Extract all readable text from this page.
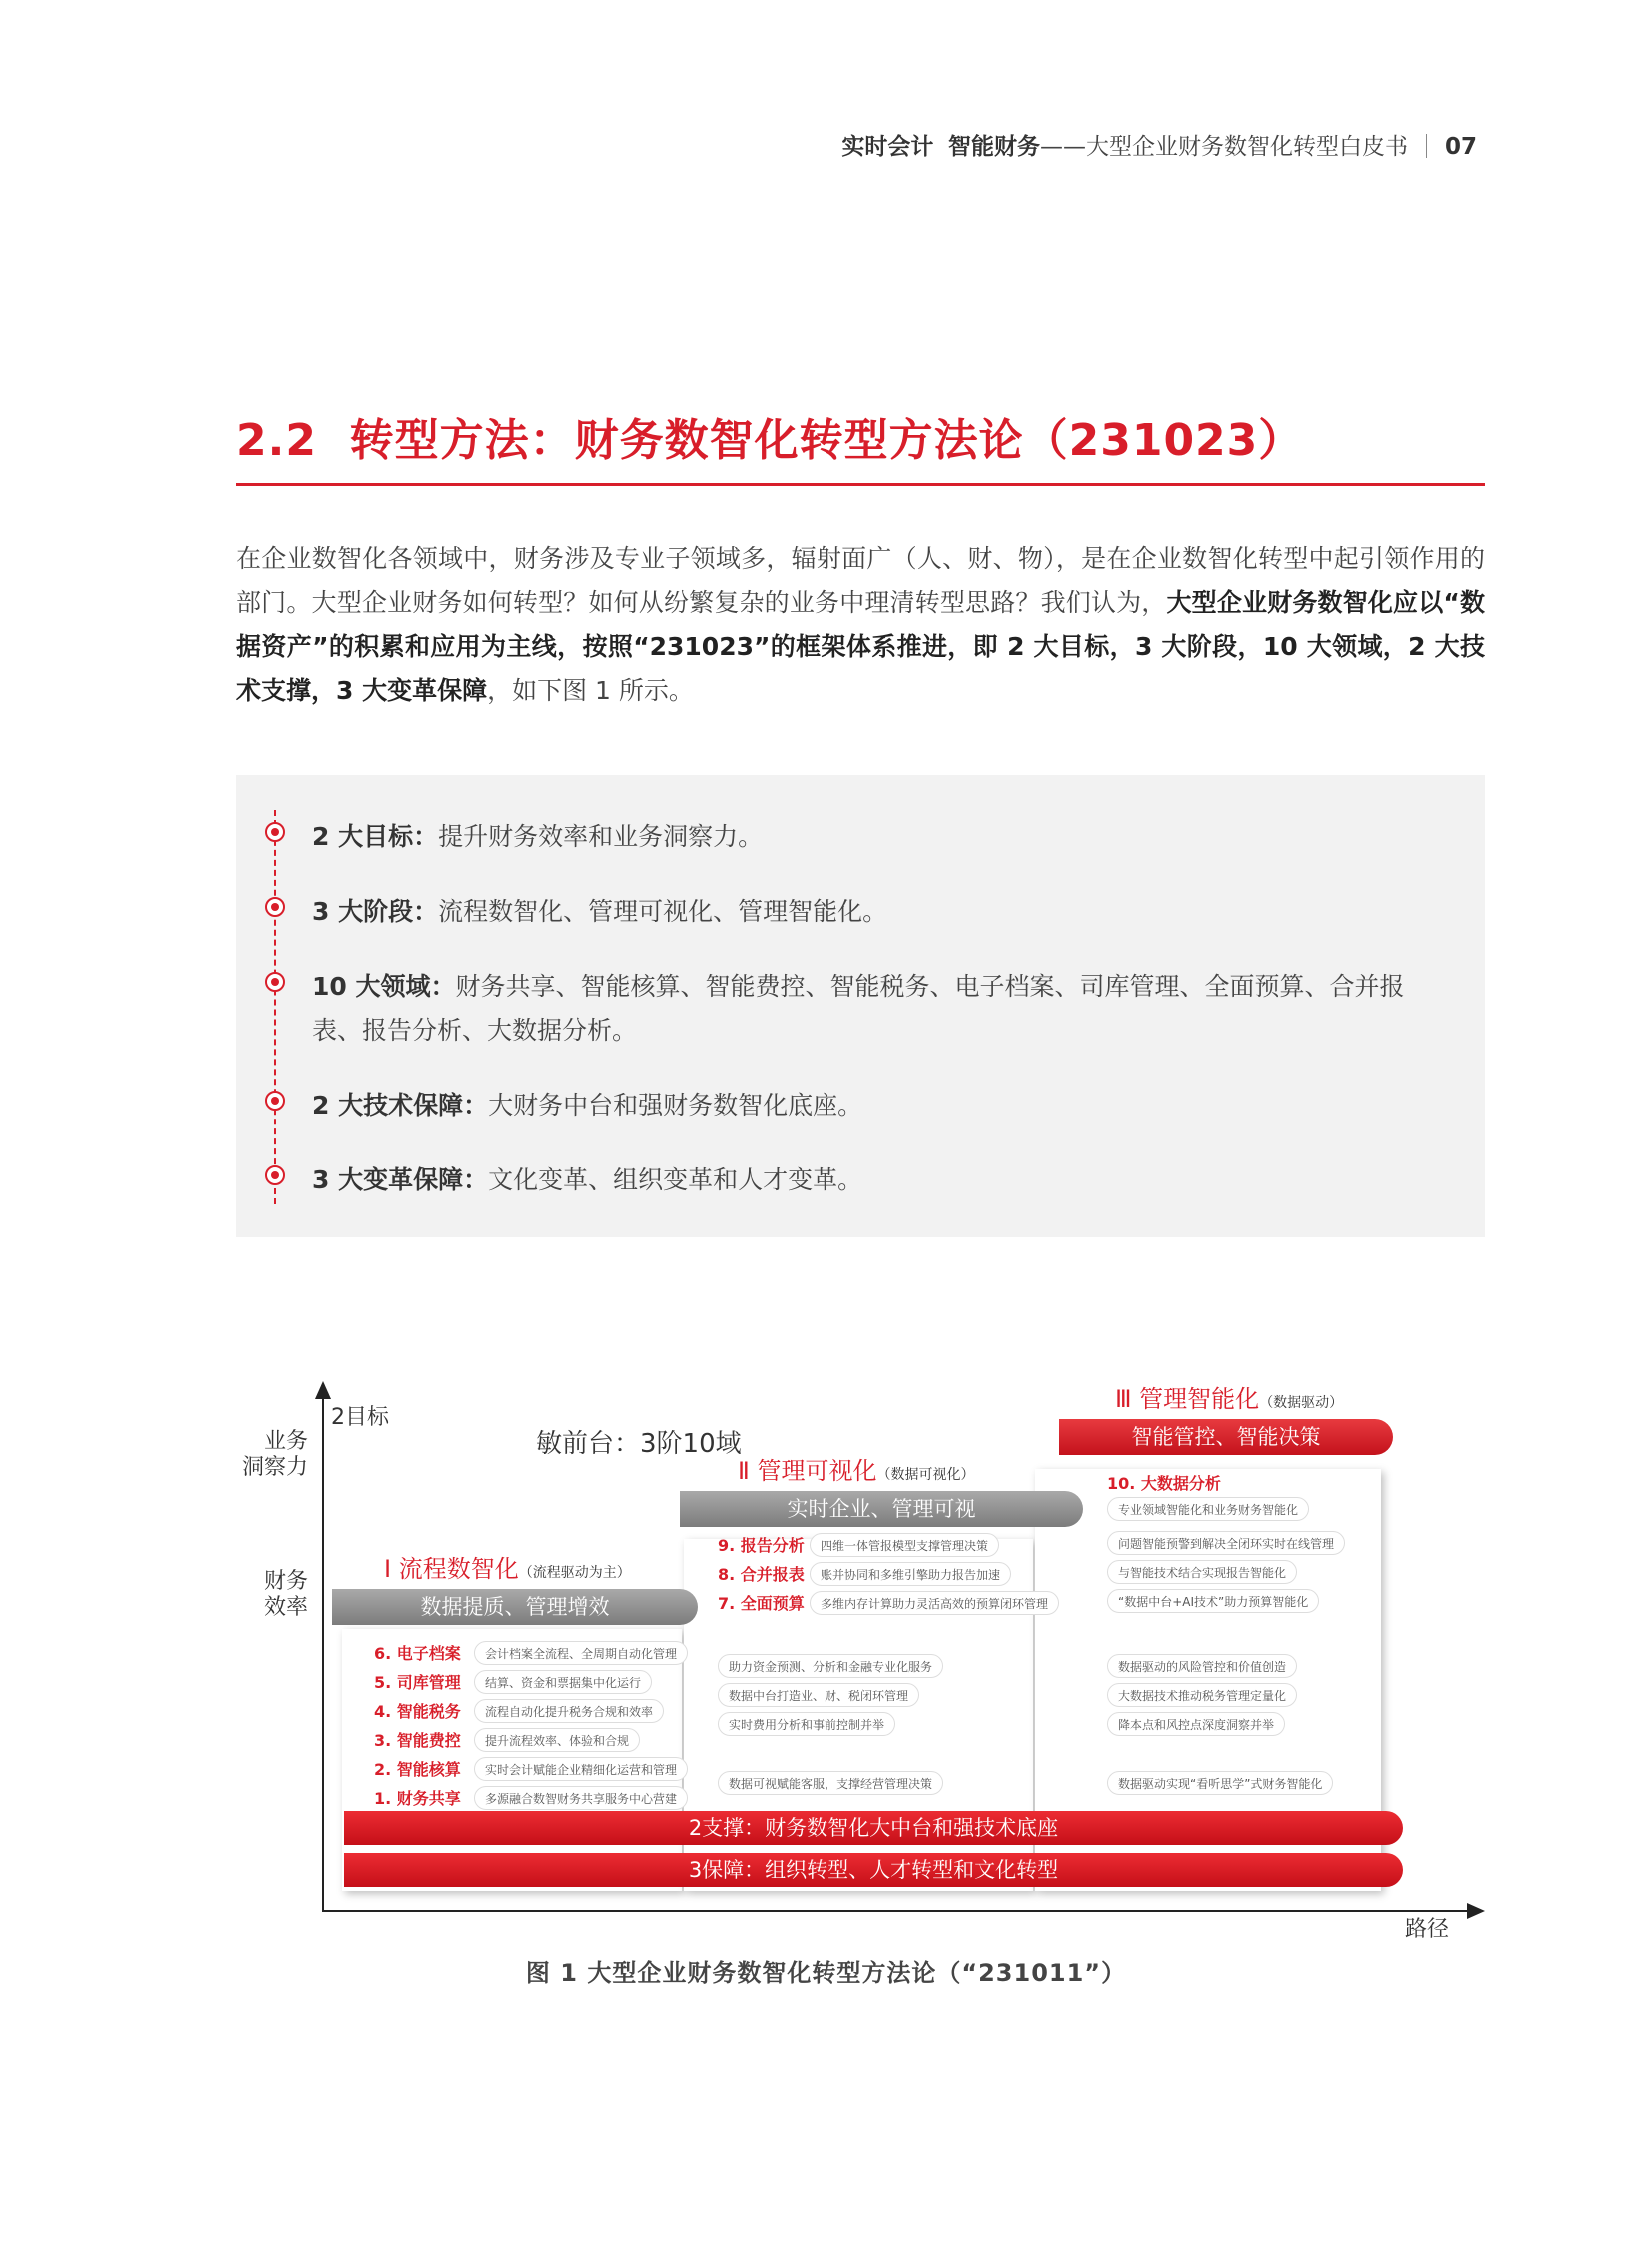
实时会计 智能财务——大型企业财务数智化转型白皮书 07
2.2 转型方法：财务数智化转型方法论（231023）
在企业数智化各领域中，财务涉及专业子领域多，辐射面广（人、财、物），是在企业数智化转型中起引领作用的部门。大型企业财务如何转型？如何从纷繁复杂的业务中理清转型思路？我们认为，大型企业财务数智化应以“数据资产”的积累和应用为主线，按照“231023”的框架体系推进，即 2 大目标，3 大阶段，10 大领域，2 大技术支撑，3 大变革保障，如下图 1 所示。
2 大目标：提升财务效率和业务洞察力。
3 大阶段：流程数智化、管理可视化、管理智能化。
10 大领域：财务共享、智能核算、智能费控、智能税务、电子档案、司库管理、全面预算、合并报表、报告分析、大数据分析。
2 大技术保障：大财务中台和强财务数智化底座。
3 大变革保障：文化变革、组织变革和人才变革。
2目标
业务
洞察力
财务
效率
路径
敏前台：3阶10域
Ⅰ 流程数智化（流程驱动为主）
数据提质、管理增效
6. 电子档案	会计档案全流程、全周期自动化管理
5. 司库管理	结算、资金和票据集中化运行
4. 智能税务	流程自动化提升税务合规和效率
3. 智能费控	提升流程效率、体验和合规
2. 智能核算	实时会计赋能企业精细化运营和管理
1. 财务共享	多源融合数智财务共享服务中心营建
Ⅱ 管理可视化（数据可视化）
实时企业、管理可视
9. 报告分析	四维一体管报模型支撑管理决策
8. 合并报表	账并协同和多维引擎助力报告加速
7. 全面预算	多维内存计算助力灵活高效的预算闭环管理
助力资金预测、分析和金融专业化服务
数据中台打造业、财、税闭环管理
实时费用分析和事前控制并举
数据可视赋能客服，支撑经营管理决策
Ⅲ 管理智能化（数据驱动）
智能管控、智能决策
10. 大数据分析
专业领域智能化和业务财务智能化
问题智能预警到解决全闭环实时在线管理
与智能技术结合实现报告智能化
“数据中台+AI技术”助力预算智能化
数据驱动的风险管控和价值创造
大数据技术推动税务管理定量化
降本点和风控点深度洞察并举
数据驱动实现“看听思学”式财务智能化
2支撑：财务数智化大中台和强技术底座
3保障：组织转型、人才转型和文化转型
图 1 大型企业财务数智化转型方法论（“231011”）
